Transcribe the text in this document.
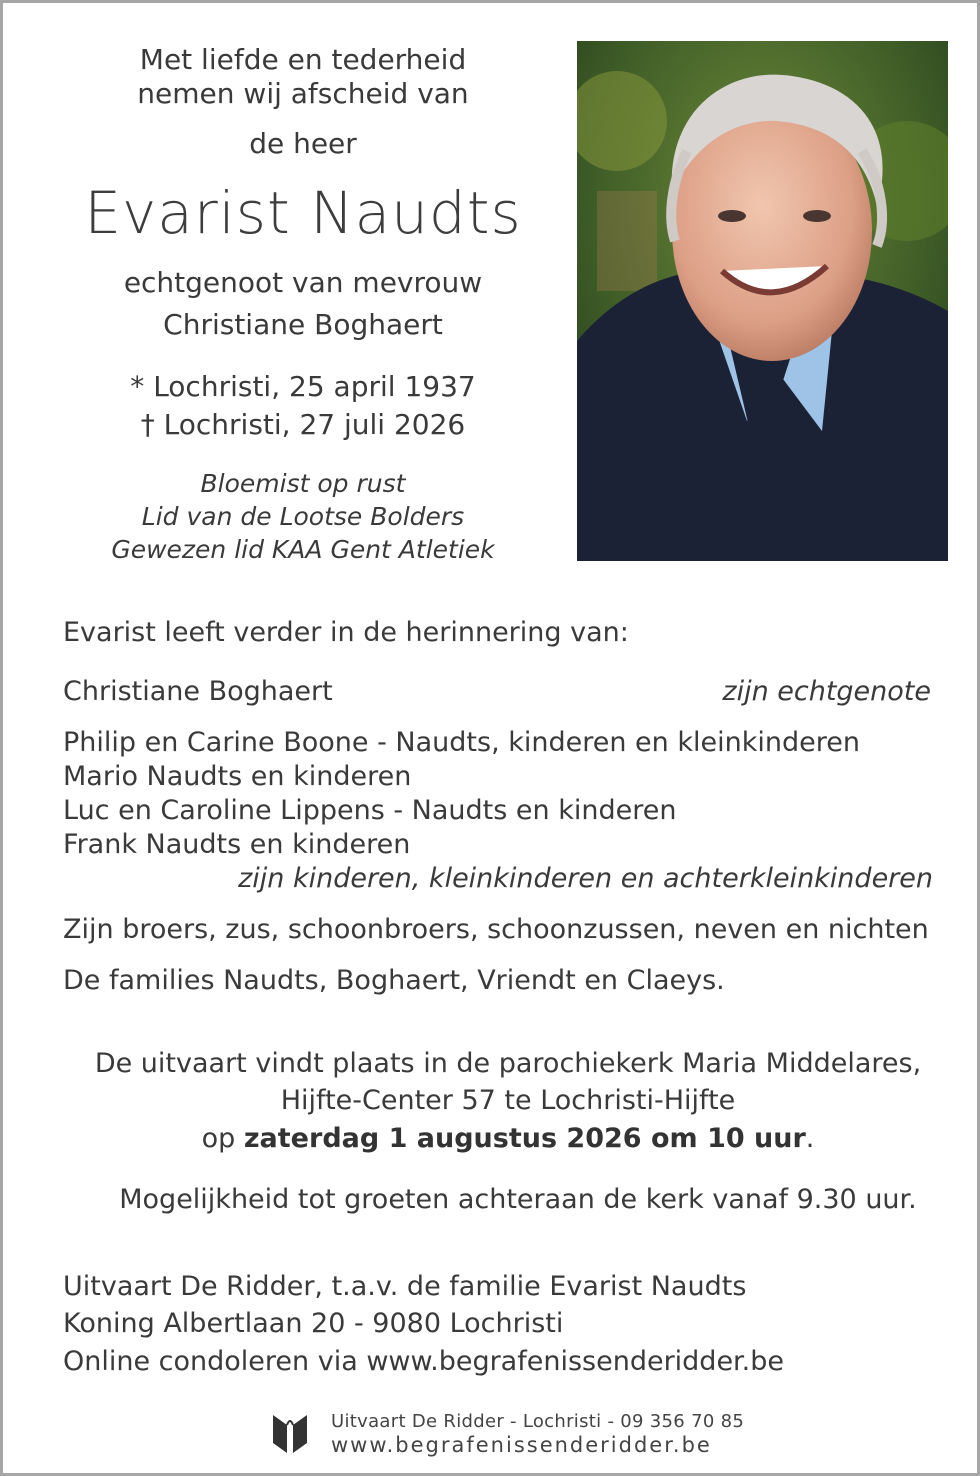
Met liefde en tederheid
nemen wij afscheid van
de heer
Evarist Naudts
echtgenoot van mevrouw
Christiane Boghaert
* Lochristi, 25 april 1937
† Lochristi, 27 juli 2026
Bloemist op rust
Lid van de Lootse Bolders
Gewezen lid KAA Gent Atletiek
Evarist leeft verder in de herinnering van:
Christiane Boghaert	zijn echtgenote
Philip en Carine Boone - Naudts, kinderen en kleinkinderen
Mario Naudts en kinderen
Luc en Caroline Lippens - Naudts en kinderen
Frank Naudts en kinderen
zijn kinderen, kleinkinderen en achterkleinkinderen
Zijn broers, zus, schoonbroers, schoonzussen, neven en nichten
De families Naudts, Boghaert, Vriendt en Claeys.
De uitvaart vindt plaats in de parochiekerk Maria Middelares,
Hijfte-Center 57 te Lochristi-Hijfte
op zaterdag 1 augustus 2026 om 10 uur.
Mogelijkheid tot groeten achteraan de kerk vanaf 9.30 uur.
Uitvaart De Ridder, t.a.v. de familie Evarist Naudts
Koning Albertlaan 20 - 9080 Lochristi
Online condoleren via www.begrafenissenderidder.be
Uitvaart De Ridder - Lochristi - 09 356 70 85
www.begrafenissenderidder.be
